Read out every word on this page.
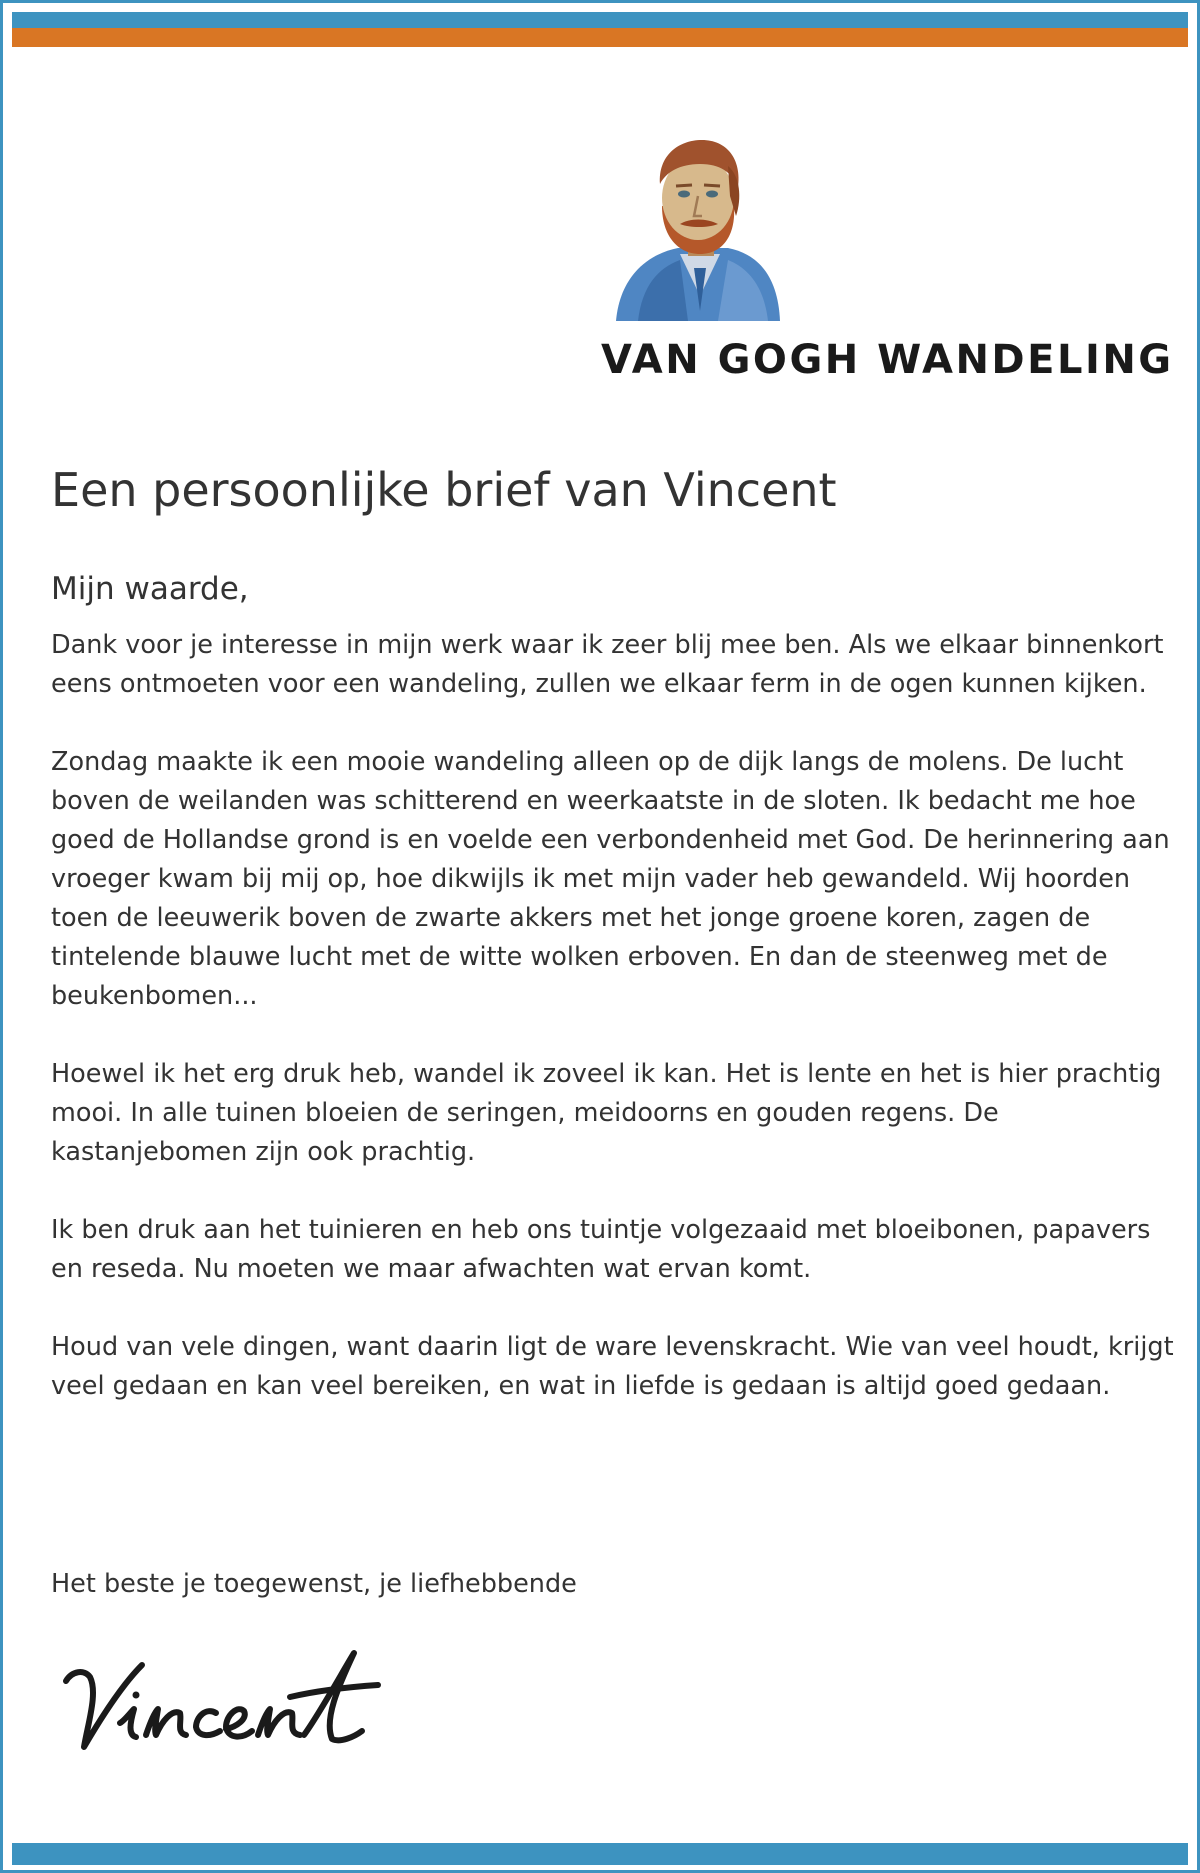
VAN GOGH WANDELING
Een persoonlijke brief van Vincent
Mijn waarde,

Dank voor je interesse in mijn werk waar ik zeer blij mee ben. Als we elkaar binnenkort eens ontmoeten voor een wandeling, zullen we elkaar ferm in de ogen kunnen kijken.

Zondag maakte ik een mooie wandeling alleen op de dijk langs de molens. De lucht boven de weilanden was schitterend en weerkaatste in de sloten. Ik bedacht me hoe goed de Hollandse grond is en voelde een verbondenheid met God. De herinnering aan vroeger kwam bij mij op, hoe dikwijls ik met mijn vader heb gewandeld. Wij hoorden toen de leeuwerik boven de zwarte akkers met het jonge groene koren, zagen de tintelende blauwe lucht met de witte wolken erboven. En dan de steenweg met de beukenbomen...

Hoewel ik het erg druk heb, wandel ik zoveel ik kan. Het is lente en het is hier prachtig mooi. In alle tuinen bloeien de seringen, meidoorns en gouden regens. De kastanjebomen zijn ook prachtig.

Ik ben druk aan het tuinieren en heb ons tuintje volgezaaid met bloeibonen, papavers en reseda. Nu moeten we maar afwachten wat ervan komt.

Houd van vele dingen, want daarin ligt de ware levenskracht. Wie van veel houdt, krijgt veel gedaan en kan veel bereiken, en wat in liefde is gedaan is altijd goed gedaan.

Het beste je toegewenst, je liefhebbende
